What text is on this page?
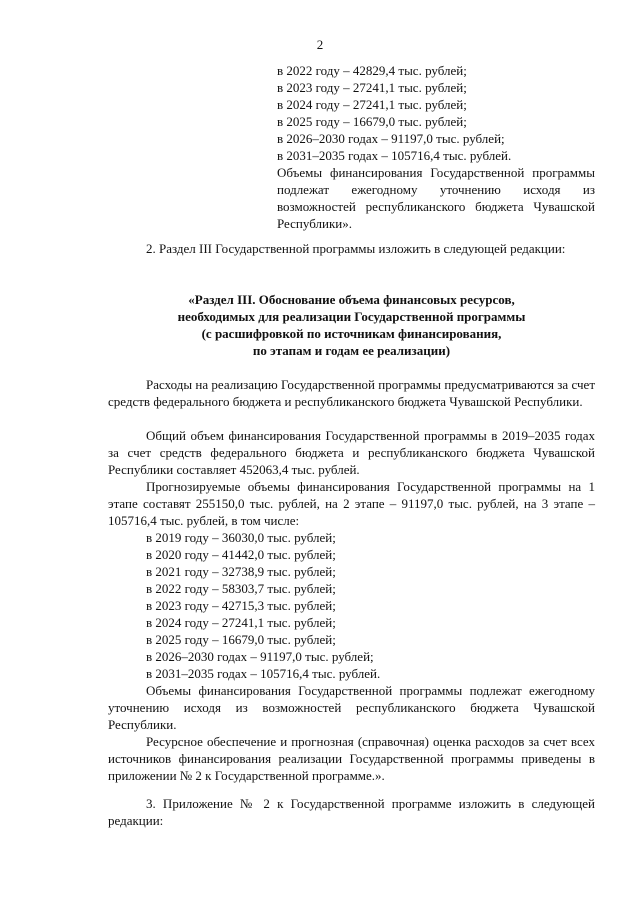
2
в 2022 году – 42829,4 тыс. рублей;
в 2023 году – 27241,1 тыс. рублей;
в 2024 году – 27241,1 тыс. рублей;
в 2025 году – 16679,0 тыс. рублей;
в 2026–2030 годах – 91197,0 тыс. рублей;
в 2031–2035 годах – 105716,4 тыс. рублей.
Объемы финансирования Государственной программы подлежат ежегодному уточнению исходя из возможностей республиканского бюджета Чувашской Республики».
2. Раздел III Государственной программы изложить в следующей редакции:
«Раздел III. Обоснование объема финансовых ресурсов,
необходимых для реализации Государственной программы
(с расшифровкой по источникам финансирования,
по этапам и годам ее реализации)
Расходы на реализацию Государственной программы предусматриваются за счет средств федерального бюджета и республиканского бюджета Чувашской Республики.
Общий объем финансирования Государственной программы в 2019–2035 годах за счет средств федерального бюджета и республиканского бюджета Чувашской Республики составляет 452063,4 тыс. рублей.
Прогнозируемые объемы финансирования Государственной программы на 1 этапе составят 255150,0 тыс. рублей, на 2 этапе – 91197,0 тыс. рублей, на 3 этапе – 105716,4 тыс. рублей, в том числе:
в 2019 году – 36030,0 тыс. рублей;
в 2020 году – 41442,0 тыс. рублей;
в 2021 году – 32738,9 тыс. рублей;
в 2022 году – 58303,7 тыс. рублей;
в 2023 году – 42715,3 тыс. рублей;
в 2024 году – 27241,1 тыс. рублей;
в 2025 году – 16679,0 тыс. рублей;
в 2026–2030 годах – 91197,0 тыс. рублей;
в 2031–2035 годах – 105716,4 тыс. рублей.
Объемы финансирования Государственной программы подлежат ежегодному уточнению исходя из возможностей республиканского бюджета Чувашской Республики.
Ресурсное обеспечение и прогнозная (справочная) оценка расходов за счет всех источников финансирования реализации Государственной программы приведены в приложении № 2 к Государственной программе.».
3. Приложение № 2 к Государственной программе изложить в следующей редакции:
